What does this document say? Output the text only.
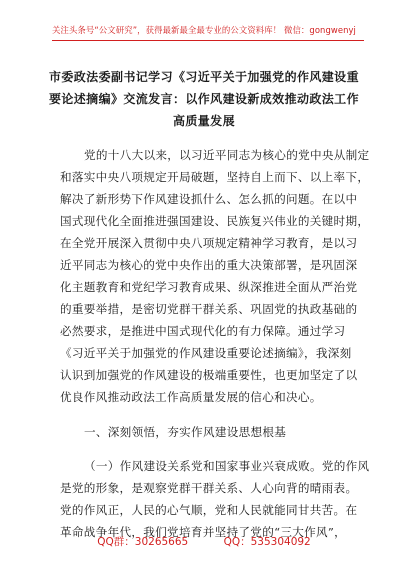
关注头条号“公文研究”，获得最新最全最专业的公文资料库！ 微信：gongwenyj
市委政法委副书记学习《习近平关于加强党的作风建设重
要论述摘编》交流发言：以作风建设新成效推动政法工作
高质量发展
党的十八大以来，以习近平同志为核心的党中央从制定
和落实中央八项规定开局破题，坚持自上而下、以上率下，
解决了新形势下作风建设抓什么、怎么抓的问题。在以中
国式现代化全面推进强国建设、民族复兴伟业的关键时期，
在全党开展深入贯彻中央八项规定精神学习教育，是以习
近平同志为核心的党中央作出的重大决策部署，是巩固深
化主题教育和党纪学习教育成果、纵深推进全面从严治党
的重要举措，是密切党群干群关系、巩固党的执政基础的
必然要求，是推进中国式现代化的有力保障。通过学习
《习近平关于加强党的作风建设重要论述摘编》，我深刻
认识到加强党的作风建设的极端重要性，也更加坚定了以
优良作风推动政法工作高质量发展的信心和决心。
一、深刻领悟，夯实作风建设思想根基
（一）作风建设关系党和国家事业兴衰成败。党的作风
是党的形象，是观察党群干群关系、人心向背的晴雨表。
党的作风正，人民的心气顺，党和人民就能同甘共苦。在
革命战争年代，我们党培育并坚持了党的“三大作风”，
QQ群：30265665	QQ：535304092
